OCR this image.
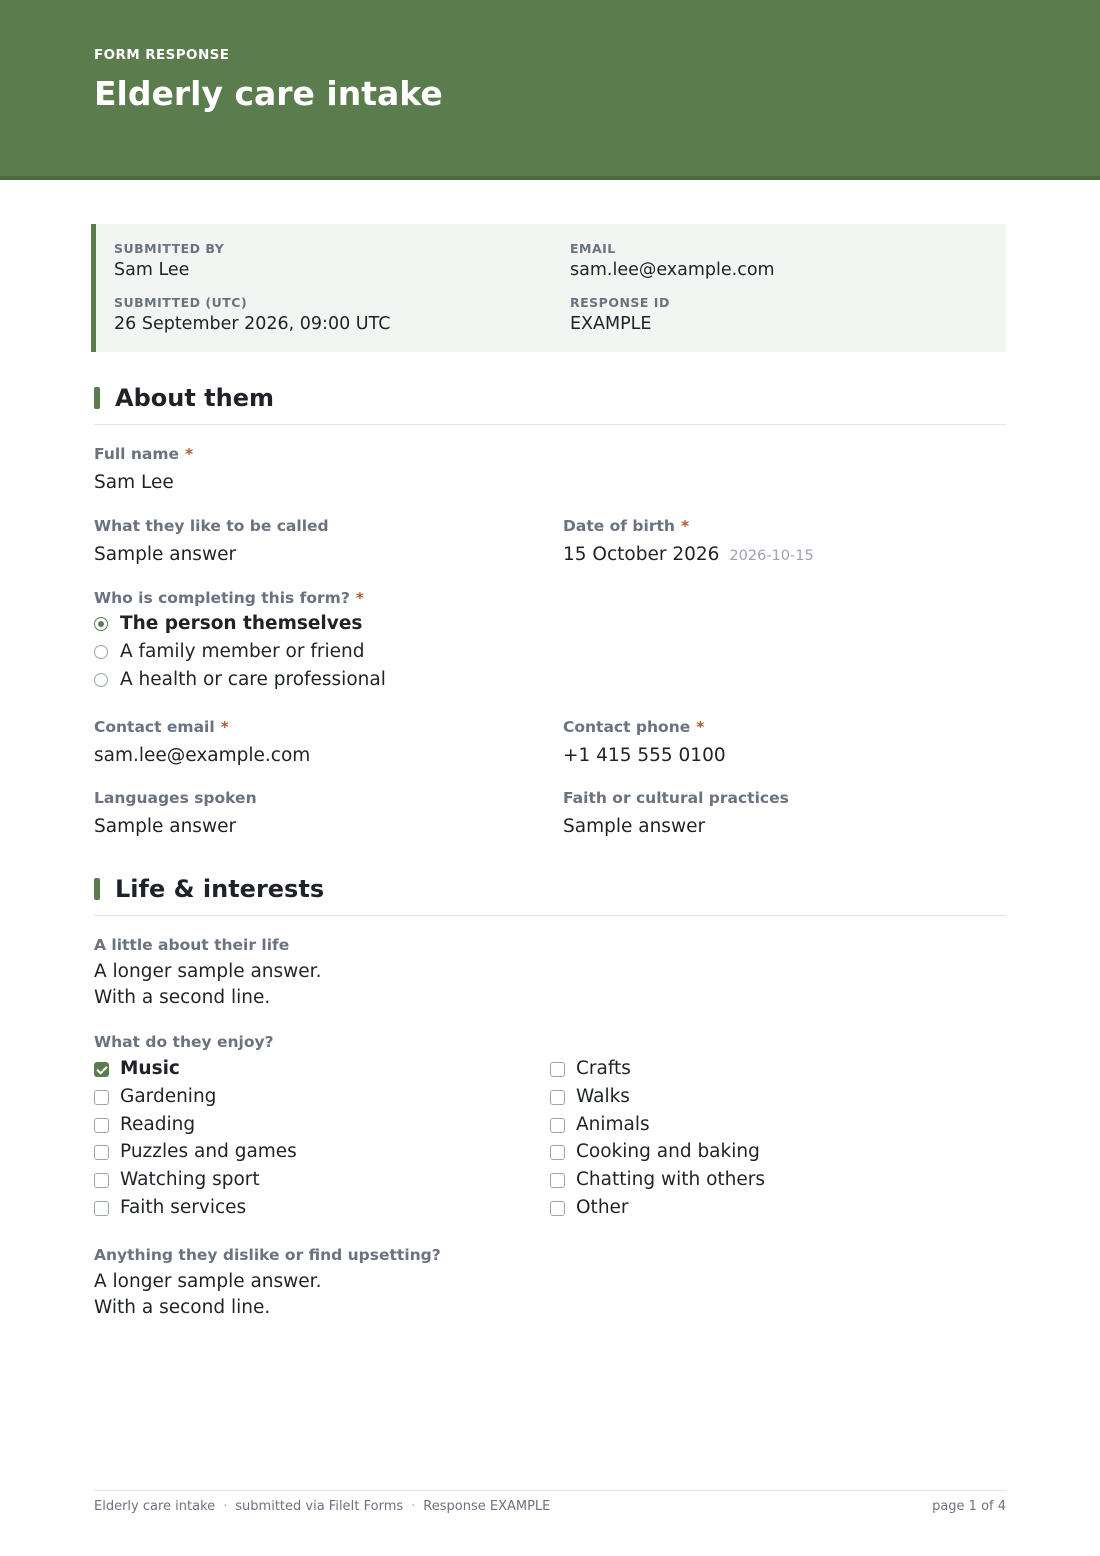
FORM RESPONSE
Elderly care intake
SUBMITTED BY
Sam Lee
EMAIL
sam.lee@example.com
SUBMITTED (UTC)
26 September 2026, 09:00 UTC
RESPONSE ID
EXAMPLE
About them
Full name *
Sam Lee
What they like to be called
Sample answer
Date of birth *
15 October 2026 2026-10-15
Who is completing this form? *
The person themselves
A family member or friend
A health or care professional
Contact email *
sam.lee@example.com
Contact phone *
+1 415 555 0100
Languages spoken
Sample answer
Faith or cultural practices
Sample answer
Life & interests
A little about their life
A longer sample answer.
With a second line.
What do they enjoy?
Music
Gardening
Reading
Puzzles and games
Watching sport
Faith services
Crafts
Walks
Animals
Cooking and baking
Chatting with others
Other
Anything they dislike or find upsetting?
A longer sample answer.
With a second line.
Elderly care intake · submitted via FileIt Forms · Response EXAMPLE	page 1 of 4
